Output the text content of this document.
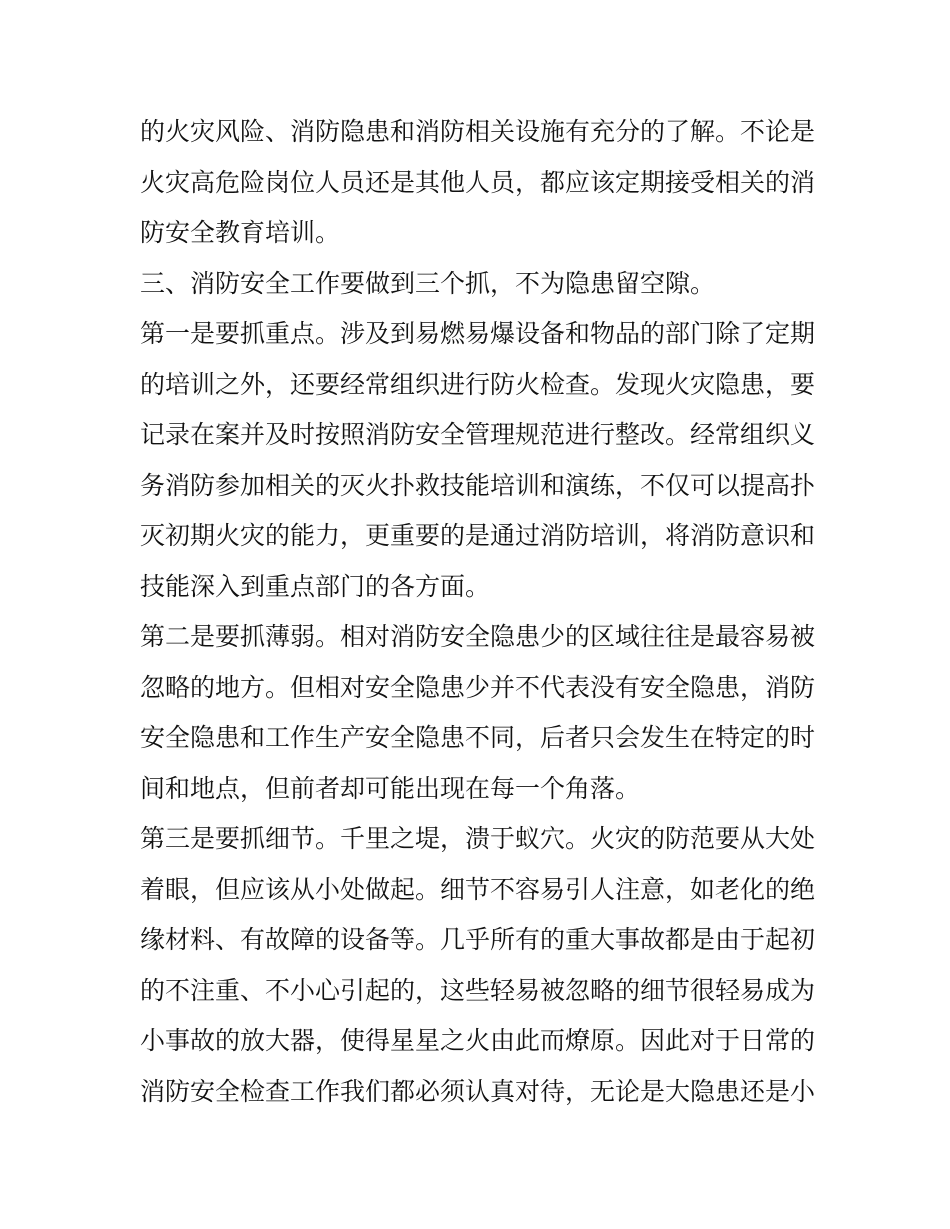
的火灾风险、消防隐患和消防相关设施有充分的了解。不论是
火灾高危险岗位人员还是其他人员，都应该定期接受相关的消
防安全教育培训。
三、消防安全工作要做到三个抓，不为隐患留空隙。
第一是要抓重点。涉及到易燃易爆设备和物品的部门除了定期
的培训之外，还要经常组织进行防火检查。发现火灾隐患，要
记录在案并及时按照消防安全管理规范进行整改。经常组织义
务消防参加相关的灭火扑救技能培训和演练，不仅可以提高扑
灭初期火灾的能力，更重要的是通过消防培训，将消防意识和
技能深入到重点部门的各方面。
第二是要抓薄弱。相对消防安全隐患少的区域往往是最容易被
忽略的地方。但相对安全隐患少并不代表没有安全隐患，消防
安全隐患和工作生产安全隐患不同，后者只会发生在特定的时
间和地点，但前者却可能出现在每一个角落。
第三是要抓细节。千里之堤，溃于蚁穴。火灾的防范要从大处
着眼，但应该从小处做起。细节不容易引人注意，如老化的绝
缘材料、有故障的设备等。几乎所有的重大事故都是由于起初
的不注重、不小心引起的，这些轻易被忽略的细节很轻易成为
小事故的放大器，使得星星之火由此而燎原。因此对于日常的
消防安全检查工作我们都必须认真对待，无论是大隐患还是小
